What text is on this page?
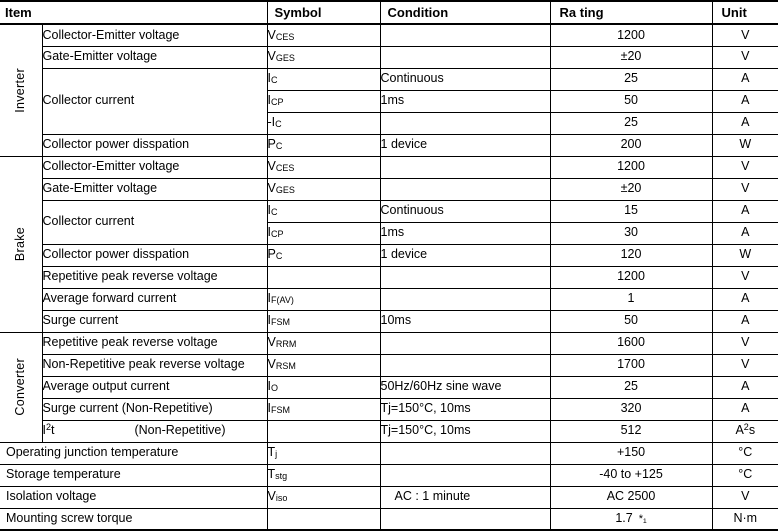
Item		Symbol	Condition	Ra ting	Unit

Inverter	Collector-Emitter voltage	$V_{CES}$		1200	V
	Gate-Emitter voltage	$V_{GES}$		±20	V
	Collector current	$I_C$	Continuous	25	A
		$I_{CP}$	1ms	50	A
		$-I_C$		25	A
	Collector power disspation	$P_C$	1 device	200	W

Brake	Collector-Emitter voltage	$V_{CES}$		1200	V
	Gate-Emitter voltage	$V_{GES}$		±20	V
	Collector current	$I_C$	Continuous	15	A
		$I_{CP}$	1ms	30	A
	Collector power disspation	$P_C$	1 device	120	W
	Repetitive peak reverse voltage			1200	V
	Average forward current	$I_{F(AV)}$		1	A
	Surge current	$I_{FSM}$	10ms	50	A

Converter	Repetitive peak reverse voltage	$V_{RRM}$		1600	V
	Non-Repetitive peak reverse voltage	$V_{RSM}$		1700	V
	Average output current	$I_O$	50Hz/60Hz sine wave	25	A
	Surge current (Non-Repetitive)	$I_{FSM}$	Tj=150°C, 10ms	320	A
	$I^2t$ (Non-Repetitive)		Tj=150°C, 10ms	512	$A^2s$
Operating junction temperature		$T_j$		+150	°C
Storage temperature		$T_{stg}$		-40 to +125	°C
Isolation voltage		$V_{iso}$	AC : 1 minute	AC 2500	V
Mounting screw torque				1.7 *₁	N·m
